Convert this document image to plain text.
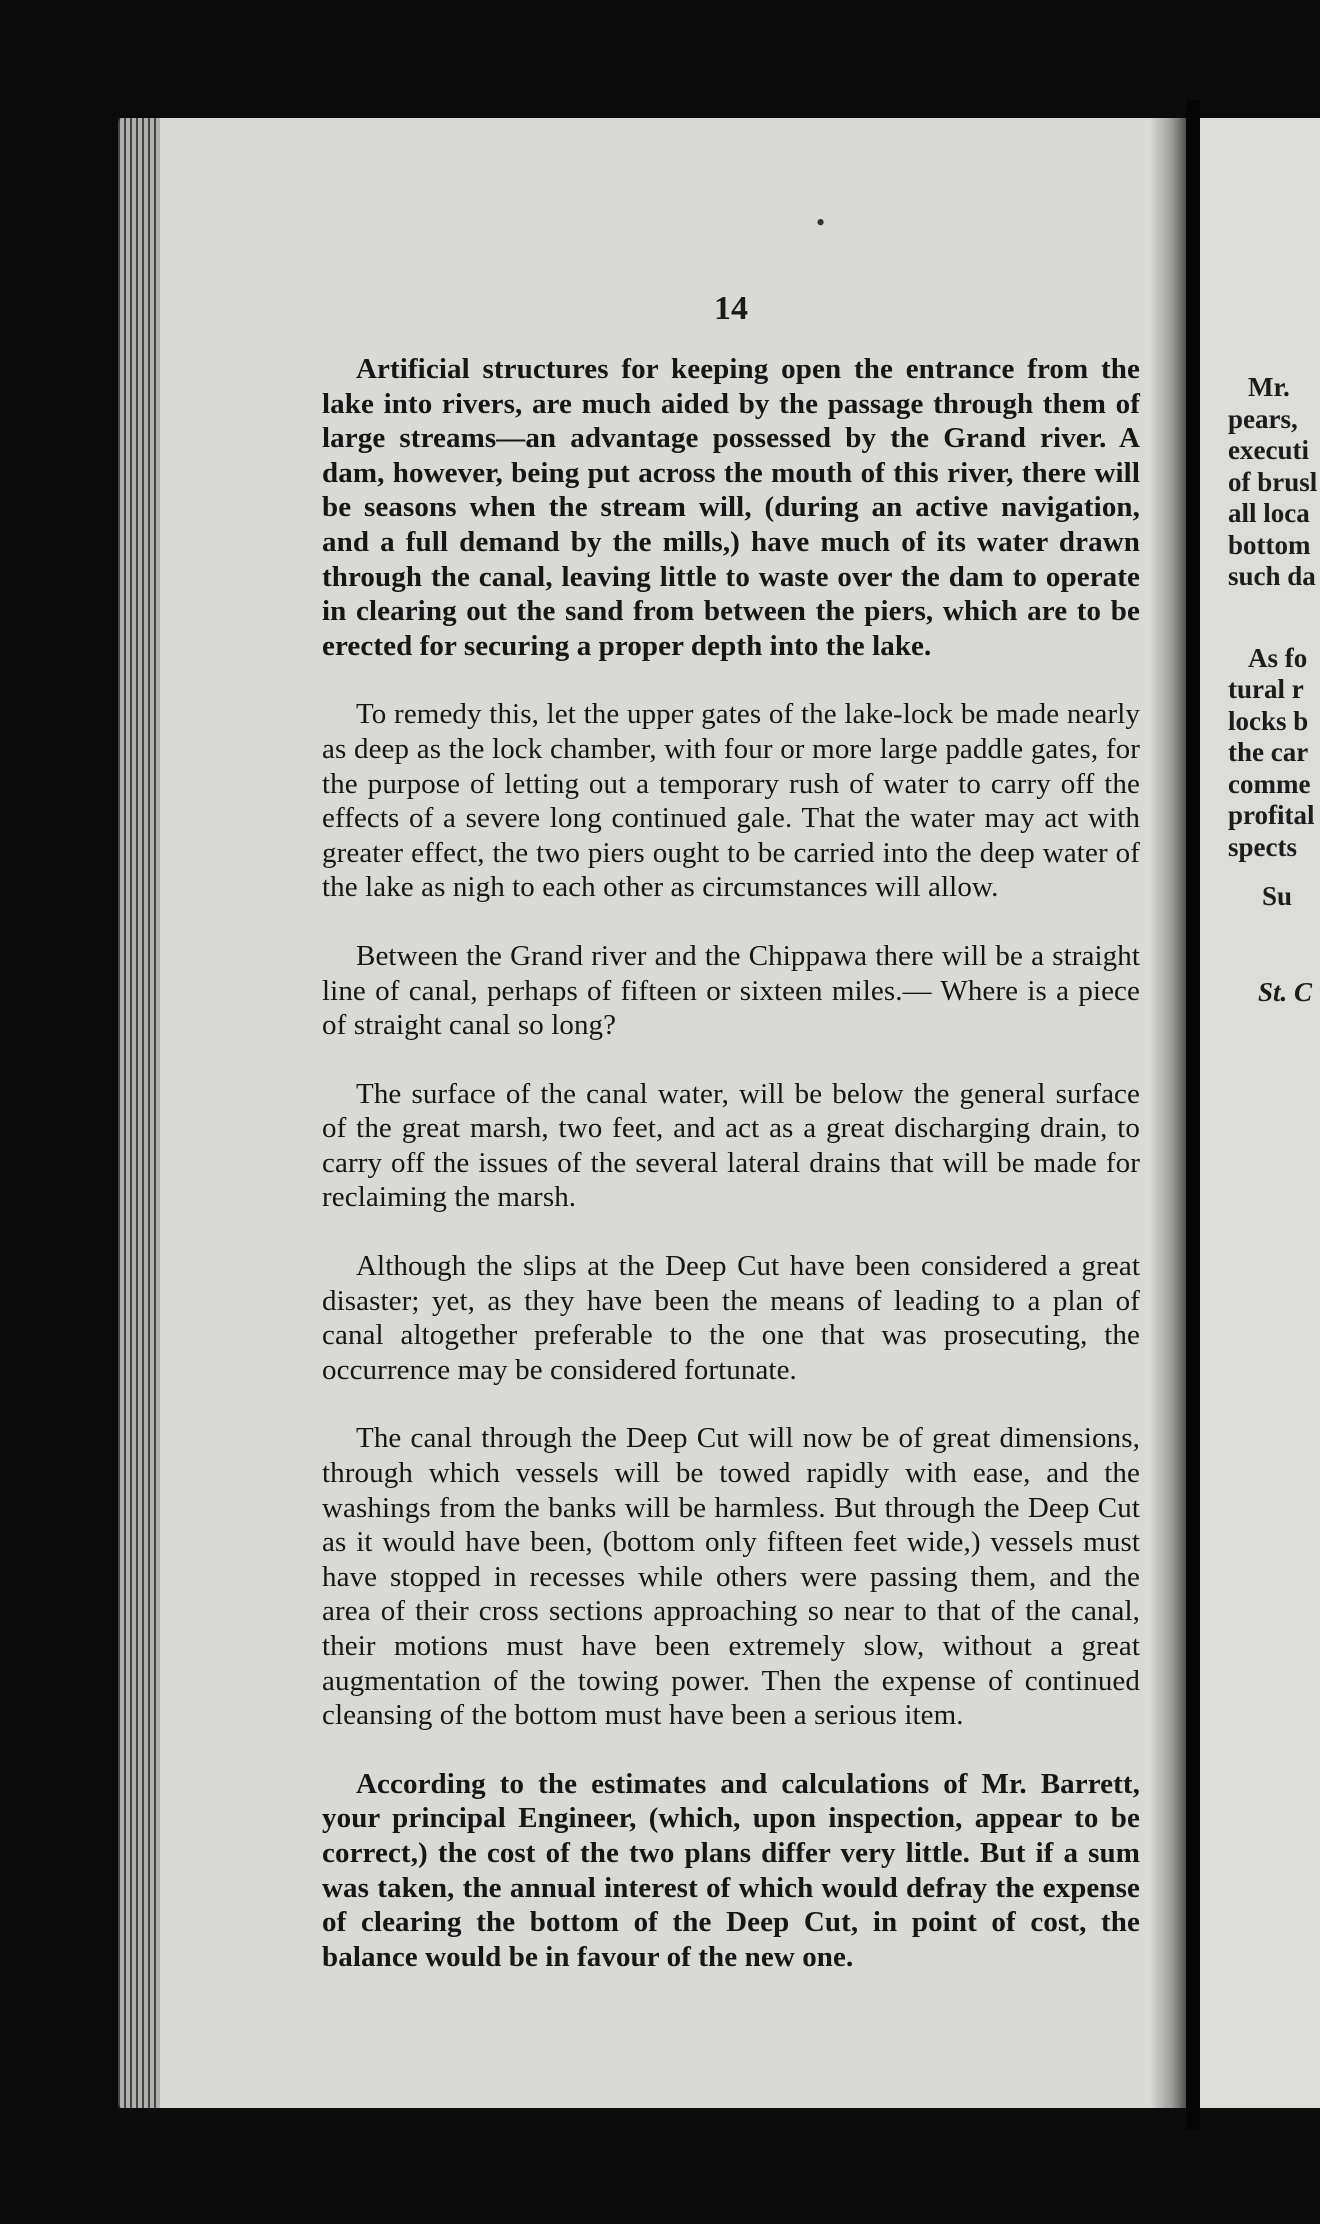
•

14

Artificial structures for keeping open the entrance from the lake into rivers, are much aided by the passage through them of large streams—an advantage possessed by the Grand river. A dam, however, being put across the mouth of this river, there will be seasons when the stream will, (during an active navigation, and a full demand by the mills,) have much of its water drawn through the canal, leaving little to waste over the dam to operate in clearing out the sand from between the piers, which are to be erected for securing a proper depth into the lake.

To remedy this, let the upper gates of the lake-lock be made nearly as deep as the lock chamber, with four or more large paddle gates, for the purpose of letting out a temporary rush of water to carry off the effects of a severe long continued gale. That the water may act with greater effect, the two piers ought to be carried into the deep water of the lake as nigh to each other as circumstances will allow.

Between the Grand river and the Chippawa there will be a straight line of canal, perhaps of fifteen or sixteen miles.— Where is a piece of straight canal so long?

The surface of the canal water, will be below the general surface of the great marsh, two feet, and act as a great discharging drain, to carry off the issues of the several lateral drains that will be made for reclaiming the marsh.

Although the slips at the Deep Cut have been considered a great disaster; yet, as they have been the means of leading to a plan of canal altogether preferable to the one that was prosecuting, the occurrence may be considered fortunate.

The canal through the Deep Cut will now be of great dimensions, through which vessels will be towed rapidly with ease, and the washings from the banks will be harmless. But through the Deep Cut as it would have been, (bottom only fifteen feet wide,) vessels must have stopped in recesses while others were passing them, and the area of their cross sections approaching so near to that of the canal, their motions must have been extremely slow, without a great augmentation of the towing power. Then the expense of continued cleansing of the bottom must have been a serious item.

According to the estimates and calculations of Mr. Barrett, your principal Engineer, (which, upon inspection, appear to be correct,) the cost of the two plans differ very little. But if a sum was taken, the annual interest of which would defray the expense of clearing the bottom of the Deep Cut, in point of cost, the balance would be in favour of the new one.

Mr.
pears,
executi
of brusl
all loca
bottom
such da
As fo
tural r
locks b
the car
comme
profital
spects
Su
St. C
